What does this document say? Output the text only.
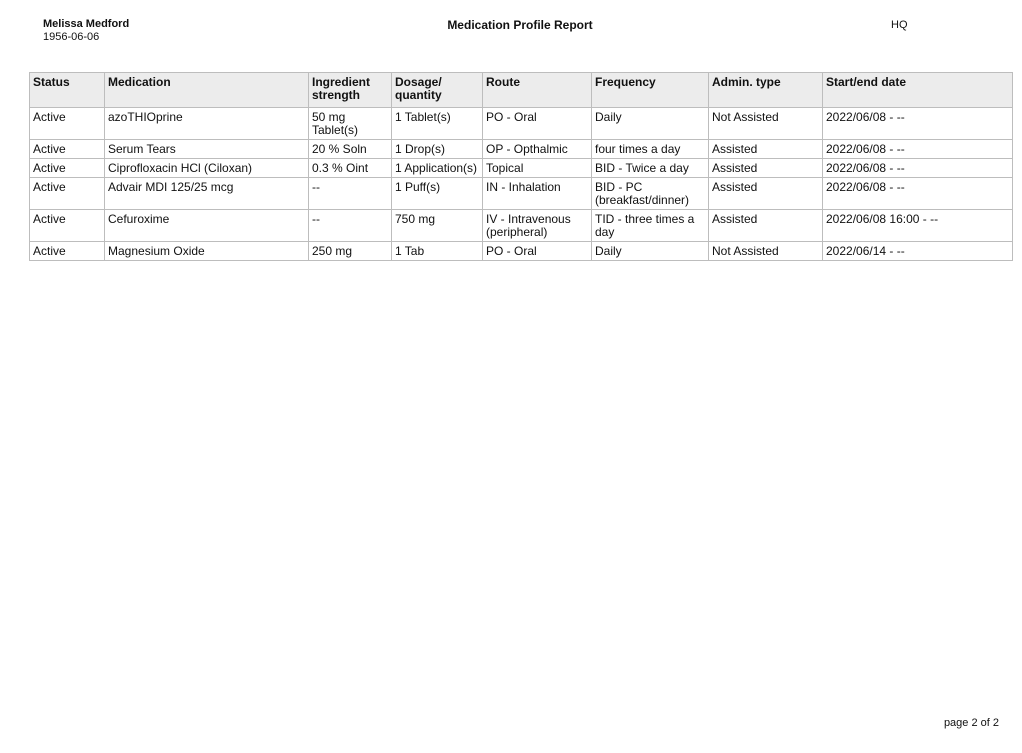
Melissa Medford
1956-06-06
Medication Profile Report	HQ
Status	Medication	Ingredient strength	Dosage/ quantity	Route	Frequency	Admin. type	Start/end date
Active	azoTHIOprine	50 mg Tablet(s)	1 Tablet(s)	PO - Oral	Daily	Not Assisted	2022/06/08 - --
Active	Serum Tears	20 % Soln	1 Drop(s)	OP - Opthalmic	four times a day	Assisted	2022/06/08 - --
Active	Ciprofloxacin HCl (Ciloxan)	0.3 % Oint	1 Application(s)	Topical	BID - Twice a day	Assisted	2022/06/08 - --
Active	Advair MDI 125/25 mcg	--	1 Puff(s)	IN - Inhalation	BID - PC (breakfast/dinner)	Assisted	2022/06/08 - --
Active	Cefuroxime	--	750 mg	IV - Intravenous (peripheral)	TID - three times a day	Assisted	2022/06/08 16:00 - --
Active	Magnesium Oxide	250 mg	1 Tab	PO - Oral	Daily	Not Assisted	2022/06/14 - --
page 2 of 2
